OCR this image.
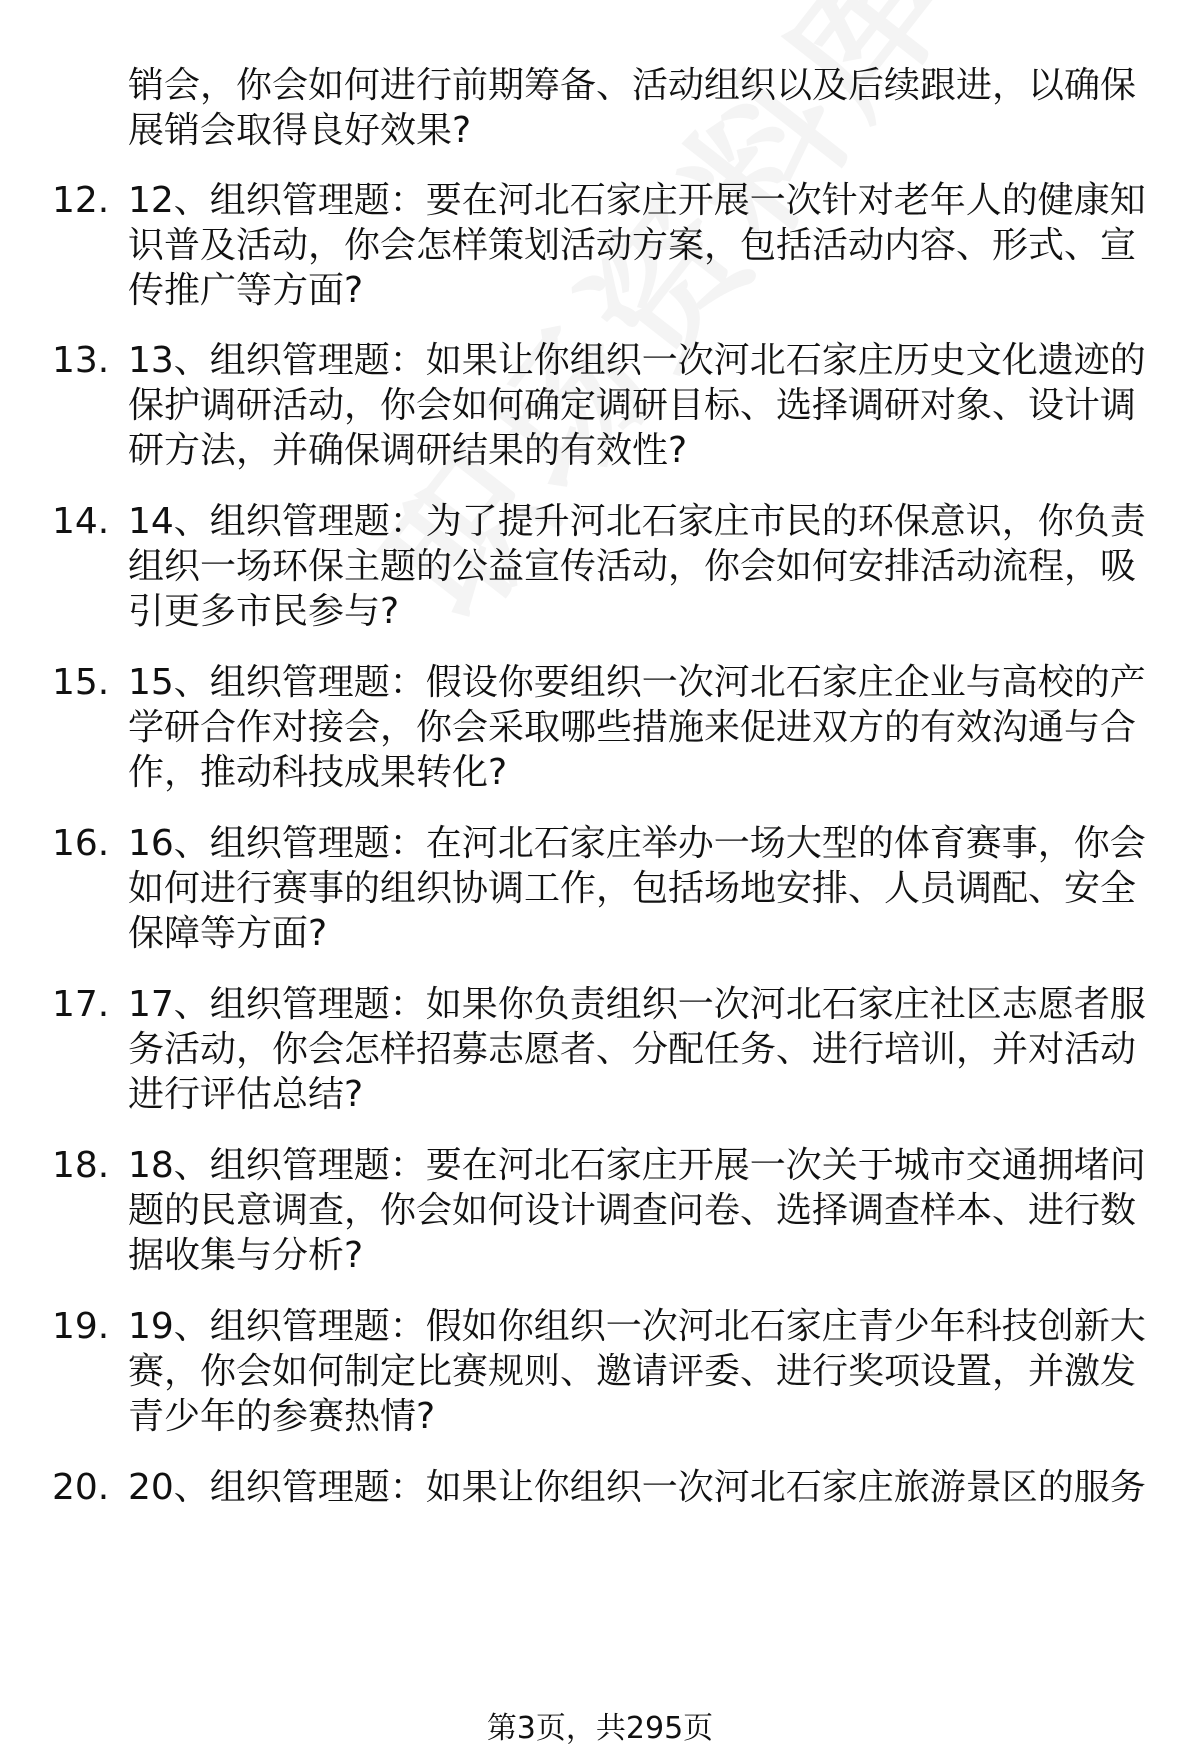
销会，你会如何进行前期筹备、活动组织以及后续跟进，以确保展销会取得良好效果?
12. 12、组织管理题：要在河北石家庄开展一次针对老年人的健康知识普及活动，你会怎样策划活动方案，包括活动内容、形式、宣传推广等方面?
13. 13、组织管理题：如果让你组织一次河北石家庄历史文化遗迹的保护调研活动，你会如何确定调研目标、选择调研对象、设计调研方法，并确保调研结果的有效性?
14. 14、组织管理题：为了提升河北石家庄市民的环保意识，你负责组织一场环保主题的公益宣传活动，你会如何安排活动流程，吸引更多市民参与?
15. 15、组织管理题：假设你要组织一次河北石家庄企业与高校的产学研合作对接会，你会采取哪些措施来促进双方的有效沟通与合作，推动科技成果转化?
16. 16、组织管理题：在河北石家庄举办一场大型的体育赛事，你会如何进行赛事的组织协调工作，包括场地安排、人员调配、安全保障等方面?
17. 17、组织管理题：如果你负责组织一次河北石家庄社区志愿者服务活动，你会怎样招募志愿者、分配任务、进行培训，并对活动进行评估总结?
18. 18、组织管理题：要在河北石家庄开展一次关于城市交通拥堵问题的民意调查，你会如何设计调查问卷、选择调查样本、进行数据收集与分析?
19. 19、组织管理题：假如你组织一次河北石家庄青少年科技创新大赛，你会如何制定比赛规则、邀请评委、进行奖项设置，并激发青少年的参赛热情?
20. 20、组织管理题：如果让你组织一次河北石家庄旅游景区的服务
第3页，共295页
